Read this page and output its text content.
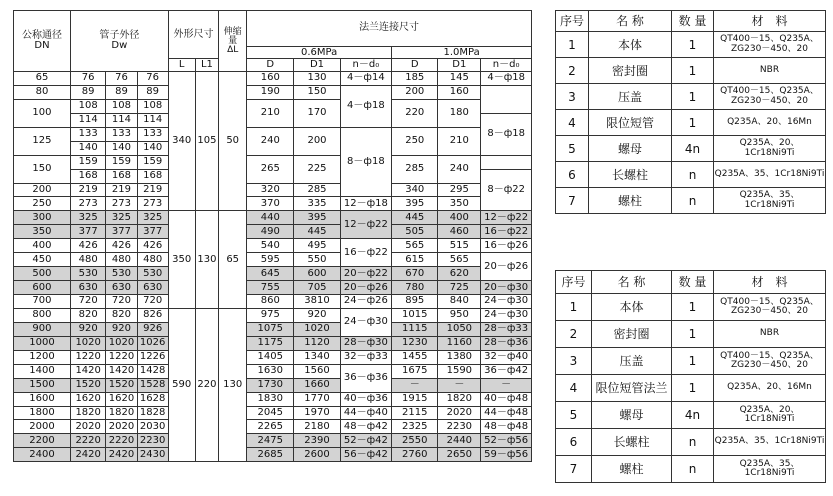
公称通径
DN	管子外径
Dw			外形尺寸		伸缩量
ΔL	法兰连接尺寸					
							0.6MPa			1.0MPa		
				L	L1		D	D1	n－d₀	D	D1	n－d₀
65	76	76	76	340	105	50	160	130	4－ф14	185	145	4－ф18
80	89	89	89				190	150	4－ф18	200	160	
100	108	108	108				210	170		220	180	
	114	114	114									8－ф18
125	133	133	133				240	200	8－ф18	250	210	
	140	140	140									
150	159	159	159				265	225		285	240	
	168	168	168									8－ф22
200	219	219	219				320	285		340	295	
250	273	273	273				370	335	12－ф18	395	350	
300	325	325	325	350	130	65	440	395	12－ф22	445	400	12－ф22
350	377	377	377				490	445		505	460	16－ф22
400	426	426	426				540	495	16－ф22	565	515	16－ф26
450	480	480	480				595	550		615	565	20－ф26
500	530	530	530				645	600	20－ф22	670	620	
600	630	630	630				755	705	20－ф26	780	725	20－ф30
700	720	720	720				860	3810	24－ф26	895	840	24－ф30
800	820	820	826	590	220	130	975	920	24－ф30	1015	950	24－ф30
900	920	920	926				1075	1020		1115	1050	28－ф33
1000	1020	1020	1026				1175	1120	28－ф30	1230	1160	28－ф36
1200	1220	1220	1226				1405	1340	32－ф33	1455	1380	32－ф40
1400	1420	1420	1428				1630	1560	36－ф36	1675	1590	36－ф42
1500	1520	1520	1528				1730	1660		－	－	－
1600	1620	1620	1628				1830	1770	40－ф36	1915	1820	40－ф48
1800	1820	1820	1828				2045	1970	44－ф40	2115	2020	44－ф48
2000	2020	2020	2030				2265	2180	48－ф42	2325	2230	48－ф48
2200	2220	2220	2230				2475	2390	52－ф42	2550	2440	52－ф56
2400	2420	2420	2430				2685	2600	56－ф42	2760	2650	59－ф56
序号	名 称	数 量	材　料
1	本体	1	QT400－15、Q235A、
ZG230－450、20
2	密封圈	1	NBR
3	压盖	1	QT400－15、Q235A、
ZG230－450、20
4	限位短管	1	Q235A、20、16Mn
5	螺母	4n	Q235A、20、
1Cr18Ni9Ti
6	长螺柱	n	Q235A、35、1Cr18Ni9Ti
7	螺柱	n	Q235A、35、
1Cr18Ni9Ti
序号	名 称	数 量	材　料
1	本体	1	QT400－15、Q235A、
ZG230－450、20
2	密封圈	1	NBR
3	压盖	1	QT400－15、Q235A、
ZG230－450、20
4	限位短管法兰	1	Q235A、20、16Mn
5	螺母	4n	Q235A、20、
1Cr18Ni9Ti
6	长螺柱	n	Q235A、35、1Cr18Ni9Ti
7	螺柱	n	Q235A、35、
1Cr18Ni9Ti
